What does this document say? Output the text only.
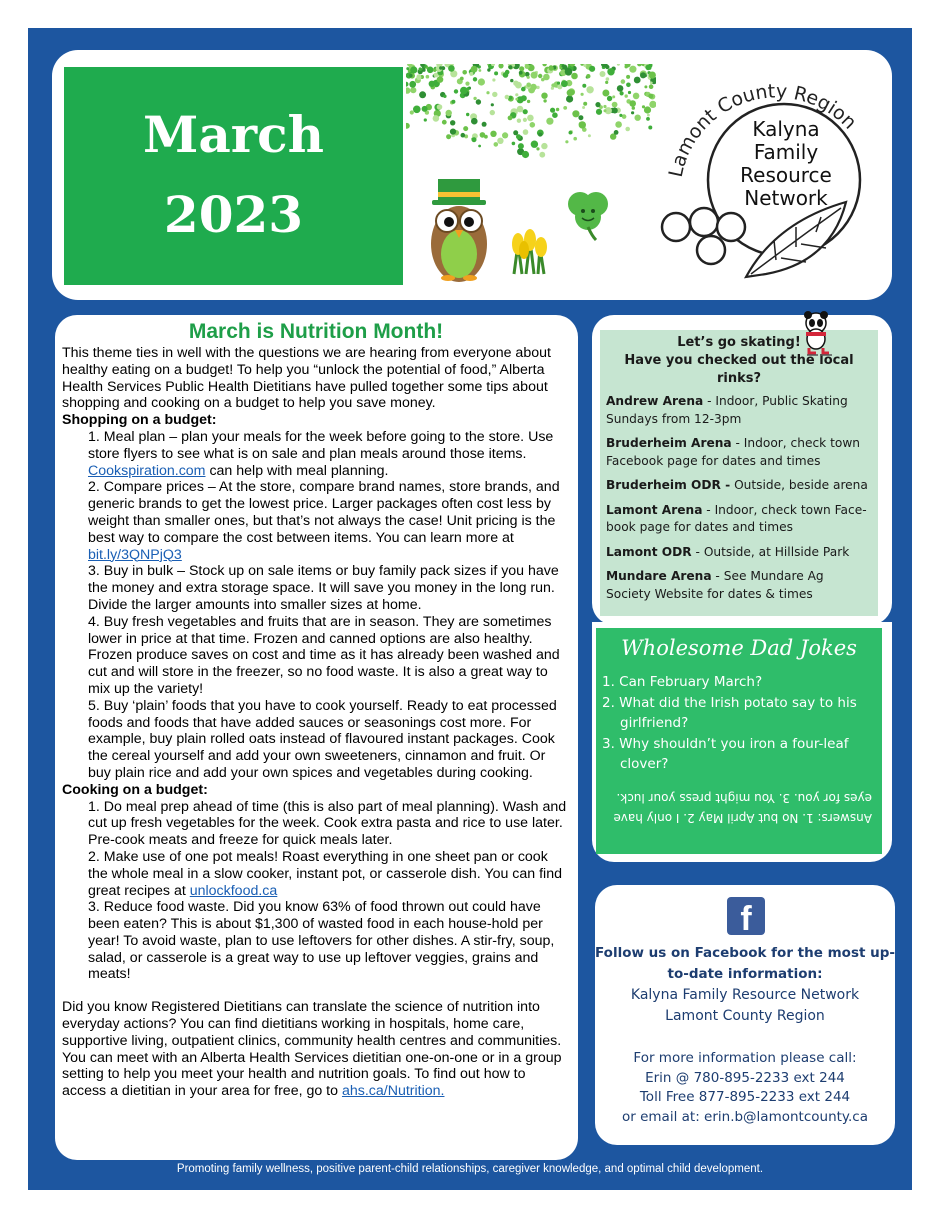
March
2023
Lamont County Region
Kalyna
Family
Resource
Network
March is Nutrition Month!
This theme ties in well with the questions we are hearing from everyone about healthy eating on a budget! To help you “unlock the potential of food,” Alberta Health Services Public Health Dietitians have pulled together some tips about shopping and cooking on a budget to help you save money.
Shopping on a budget:
1. Meal plan – plan your meals for the week before going to the store. Use store flyers to see what is on sale and plan meals around those items. Cookspiration.com can help with meal planning.
2. Compare prices – At the store, compare brand names, store brands, and generic brands to get the lowest price. Larger packages often cost less by weight than smaller ones, but that’s not always the case! Unit pricing is the best way to compare the cost between items. You can learn more at bit.ly/3QNPjQ3
3. Buy in bulk – Stock up on sale items or buy family pack sizes if you have the money and extra storage space. It will save you money in the long run. Divide the larger amounts into smaller sizes at home.
4. Buy fresh vegetables and fruits that are in season. They are sometimes lower in price at that time. Frozen and canned options are also healthy. Frozen produce saves on cost and time as it has already been washed and cut and will store in the freezer, so no food waste. It is also a great way to mix up the variety!
5. Buy ‘plain’ foods that you have to cook yourself. Ready to eat processed foods and foods that have added sauces or seasonings cost more. For example, buy plain rolled oats instead of flavoured instant packages. Cook the cereal yourself and add your own sweeteners, cinnamon and fruit. Or buy plain rice and add your own spices and vegetables during cooking.
Cooking on a budget:
1. Do meal prep ahead of time (this is also part of meal planning). Wash and cut up fresh vegetables for the week. Cook extra pasta and rice to use later. Pre-cook meats and freeze for quick meals later.
2. Make use of one pot meals! Roast everything in one sheet pan or cook the whole meal in a slow cooker, instant pot, or casserole dish. You can find great recipes at unlockfood.ca
3. Reduce food waste. Did you know 63% of food thrown out could have been eaten? This is about $1,300 of wasted food in each house-hold per year! To avoid waste, plan to use leftovers for other dishes. A stir-fry, soup, salad, or casserole is a great way to use up leftover veggies, grains and meats!
Did you know Registered Dietitians can translate the science of nutrition into everyday actions? You can find dietitians working in hospitals, home care, supportive living, outpatient clinics, community health centres and communities. You can meet with an Alberta Health Services dietitian one-on-one or in a group setting to help you meet your health and nutrition goals. To find out how to access a dietitian in your area for free, go to ahs.ca/Nutrition.
Let’s go skating!
Have you checked out the local rinks?
Andrew Arena - Indoor, Public Skating Sundays from 12-3pm
Bruderheim Arena - Indoor, check town Facebook page for dates and times
Bruderheim ODR - Outside, beside arena
Lamont Arena - Indoor, check town Face-book page for dates and times
Lamont ODR - Outside, at Hillside Park
Mundare Arena - See Mundare Ag Society Website for dates & times
Wholesome Dad Jokes
1. Can February March?
2. What did the Irish potato say to his girlfriend?
3. Why shouldn’t you iron a four-leaf clover?
Answers: 1. No but April May 2. I only have eyes for you. 3. You might press your luck.
f
Follow us on Facebook for the most up-to-date information:
Kalyna Family Resource Network
Lamont County Region
For more information please call:
Erin @ 780-895-2233 ext 244
Toll Free 877-895-2233 ext 244
or email at: erin.b@lamontcounty.ca
Promoting family wellness, positive parent-child relationships, caregiver knowledge, and optimal child development.
